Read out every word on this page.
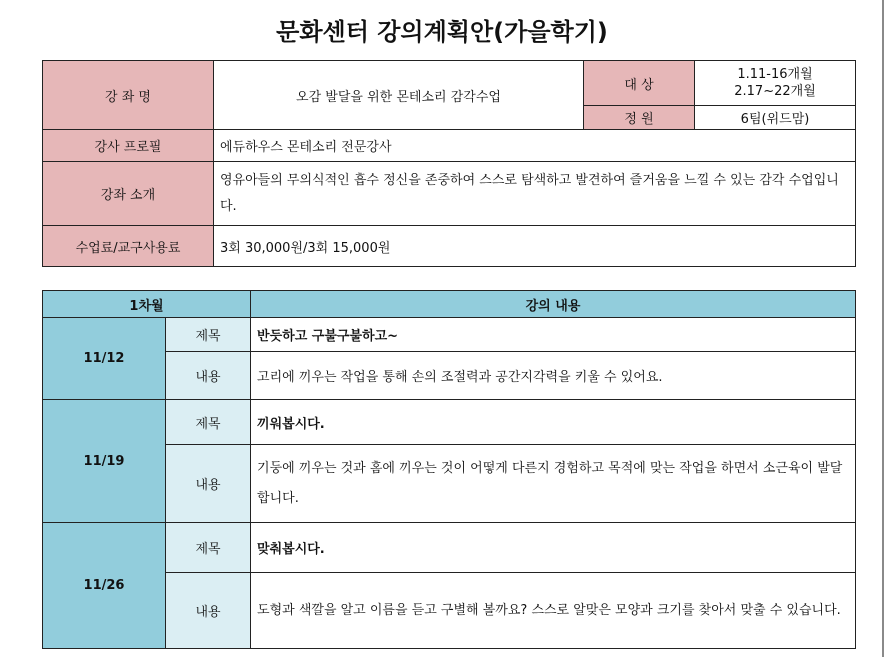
문화센터 강의계획안(가을학기)
강 좌 명	오감 발달을 위한 몬테소리 감각수업	대 상	1.11-16개월
2.17~22개월

		정 원	6팀(위드맘)
강사 프로필	에듀하우스 몬테소리 전문강사		
강좌 소개	영유아들의 무의식적인 흡수 정신을 존중하여 스스로 탐색하고 발견하여 즐거움을 느낄 수 있는 감각 수업입니다.		
수업료/교구사용료	3회 30,000원/3회 15,000원		
1차월		강의 내용
11/12	제목	반듯하고 구불구불하고~
	내용	고리에 끼우는 작업을 통해 손의 조절력과 공간지각력을 키울 수 있어요.
11/19	제목	끼워봅시다.
	내용	기둥에 끼우는 것과 홈에 끼우는 것이 어떻게 다른지 경험하고 목적에 맞는 작업을 하면서 소근육이 발달합니다.
11/26	제목	맞춰봅시다.
	내용	도형과 색깔을 알고 이름을 듣고 구별해 볼까요? 스스로 알맞은 모양과 크기를 찾아서 맞출 수 있습니다.
